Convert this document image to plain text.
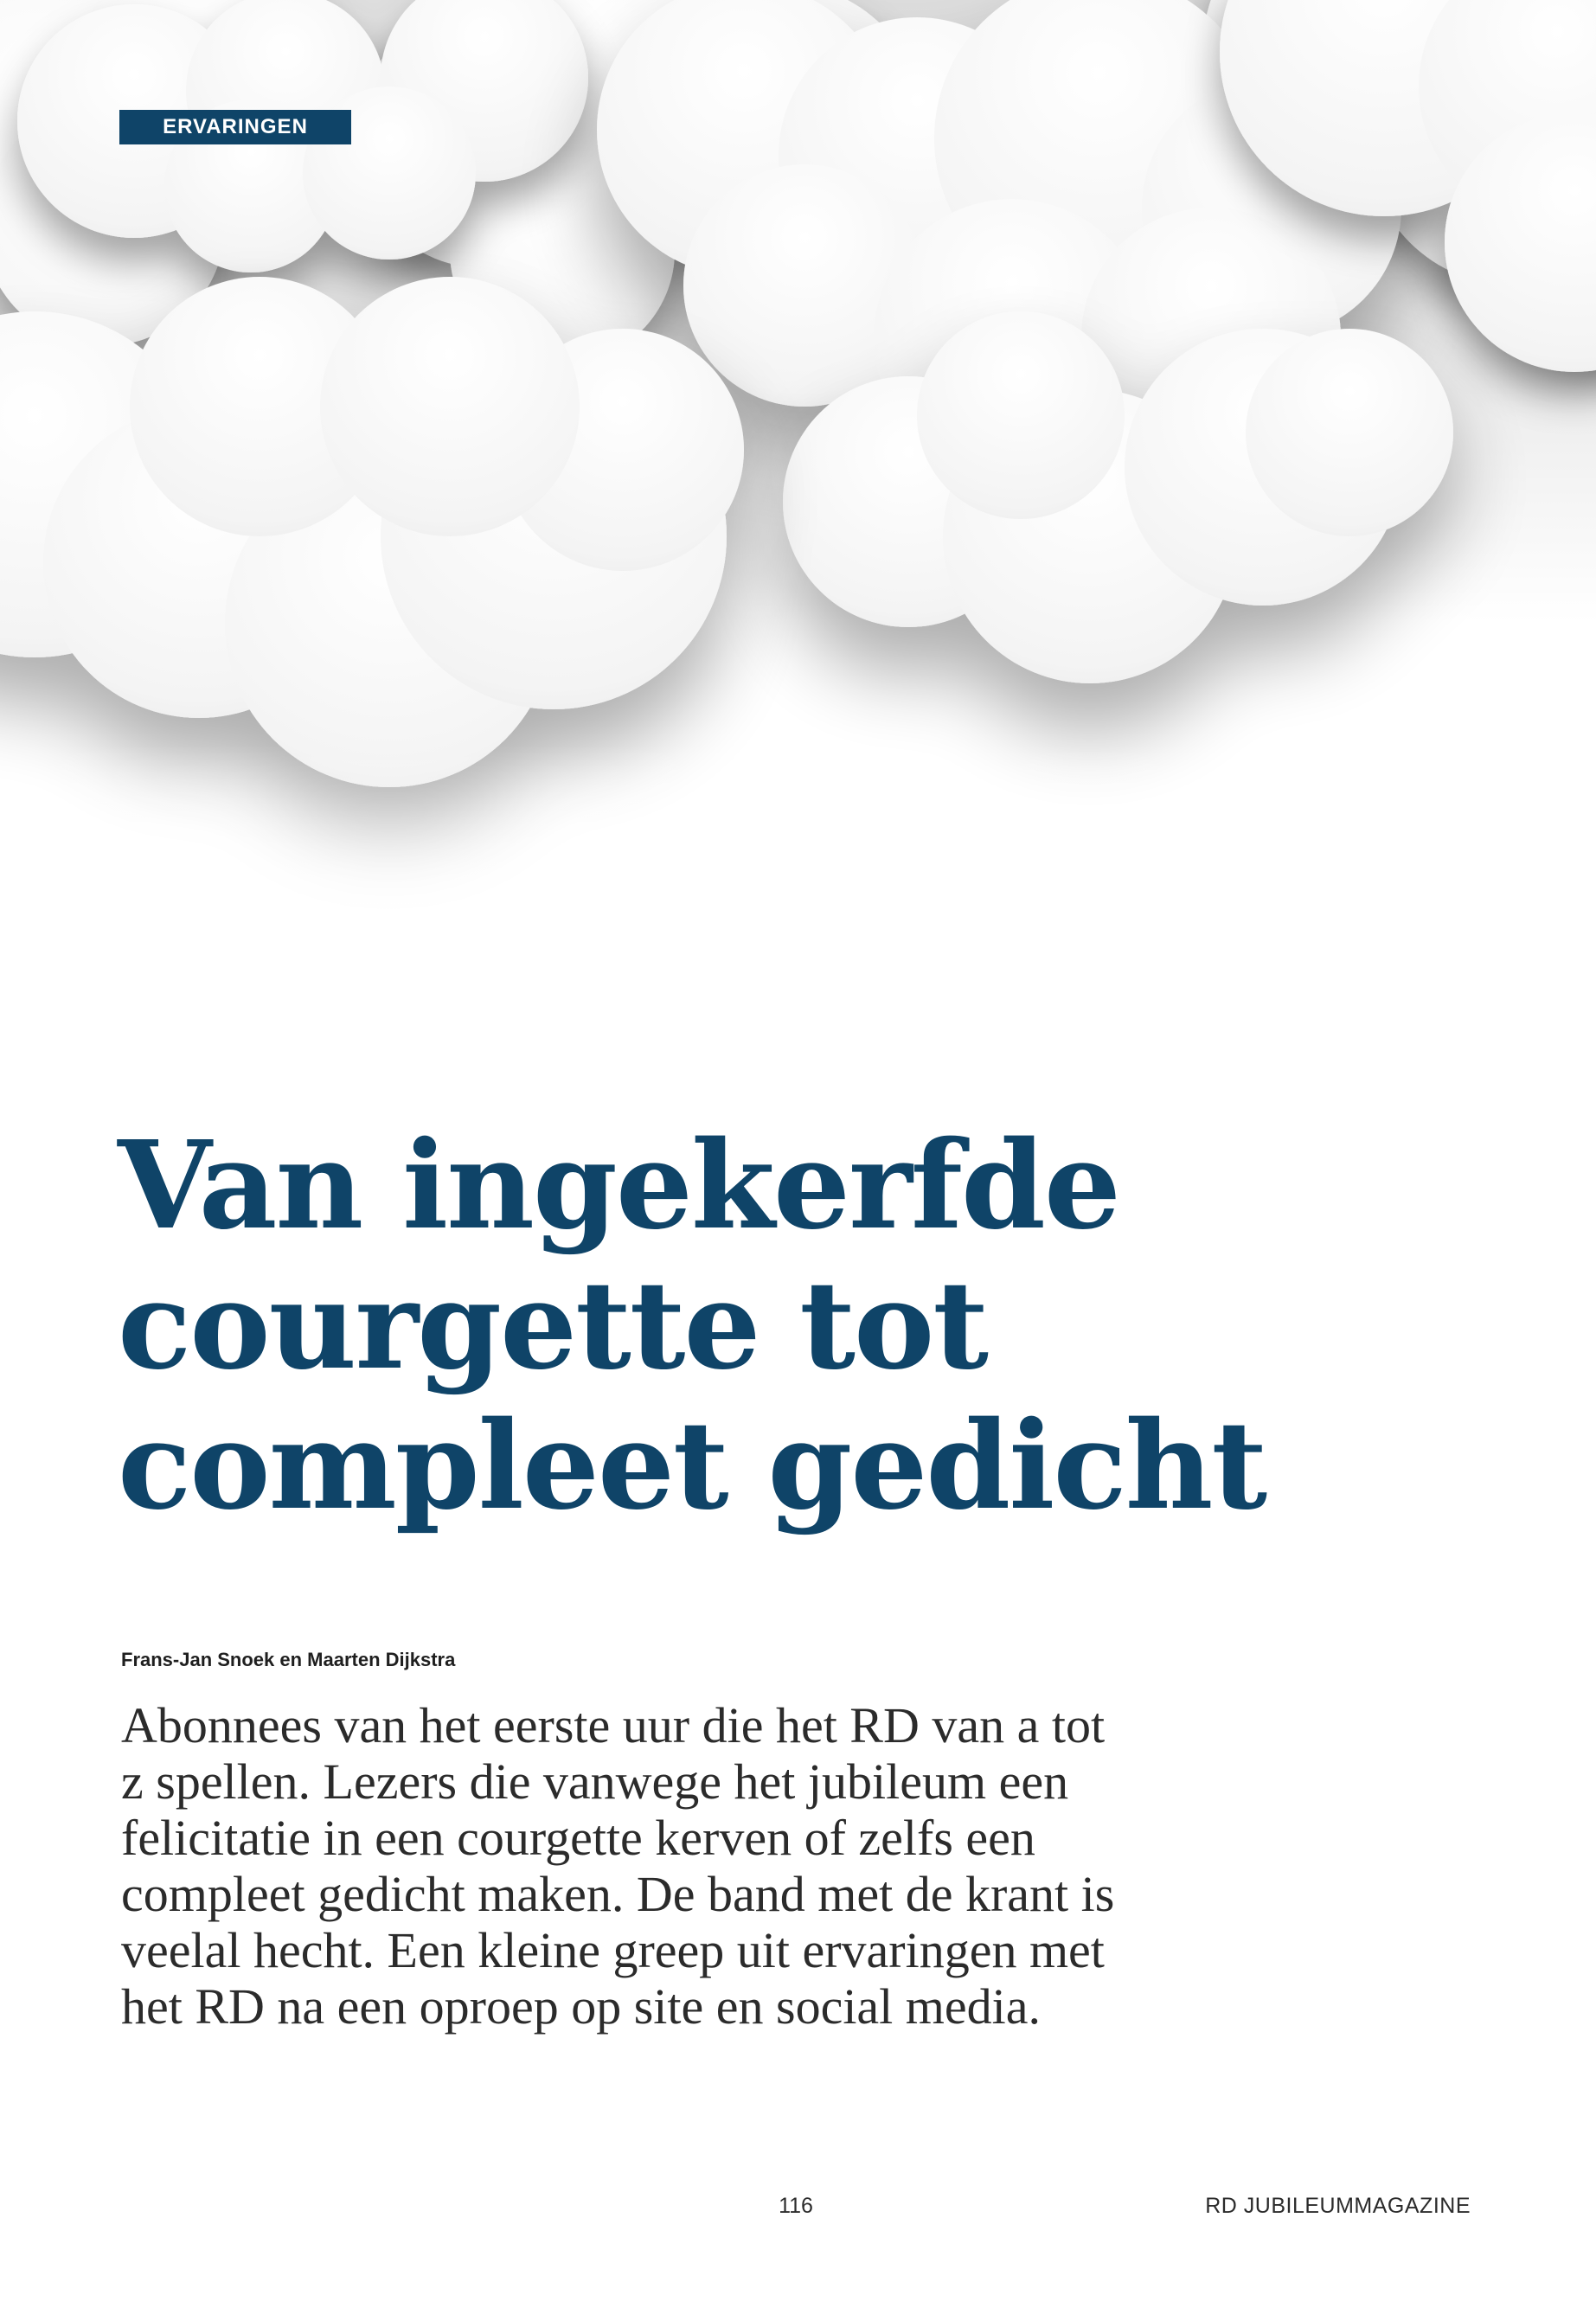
ERVARINGEN
Van ingekerfde
courgette tot
compleet gedicht
Frans-Jan Snoek en Maarten Dijkstra

Abonnees van het eerste uur die het RD van a tot
z spellen. Lezers die vanwege het jubileum een
felicitatie in een courgette kerven of zelfs een
compleet gedicht maken. De band met de krant is
veelal hecht. Een kleine greep uit ervaringen met
het RD na een oproep op site en social media.

116	RD JUBILEUMMAGAZINE
